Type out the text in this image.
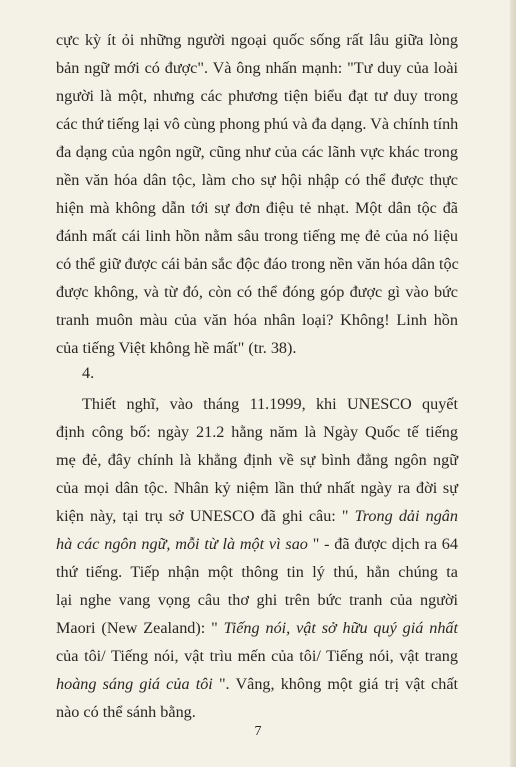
cực kỳ ít ỏi những người ngoại quốc sống rất lâu giữa lòng
bản ngữ mới có được". Và ông nhấn mạnh: "Tư duy của loài
người là một, nhưng các phương tiện biểu đạt tư duy trong
các thứ tiếng lại vô cùng phong phú và đa dạng. Và chính tính
đa dạng của ngôn ngữ, cũng như của các lãnh vực khác trong
nền văn hóa dân tộc, làm cho sự hội nhập có thể được thực
hiện mà không dẫn tới sự đơn điệu tẻ nhạt. Một dân tộc đã
đánh mất cái linh hồn nằm sâu trong tiếng mẹ đẻ của nó liệu
có thể giữ được cái bản sắc độc đáo trong nền văn hóa dân tộc
được không, và từ đó, còn có thể đóng góp được gì vào bức
tranh muôn màu của văn hóa nhân loại? Không! Linh hồn
của tiếng Việt không hề mất" (tr. 38).
4.
Thiết nghĩ, vào tháng 11.1999, khi UNESCO quyết
định công bố: ngày 21.2 hằng năm là Ngày Quốc tế tiếng
mẹ đẻ, đây chính là khẳng định về sự bình đẳng ngôn ngữ
của mọi dân tộc. Nhân kỷ niệm lần thứ nhất ngày ra đời sự
kiện này, tại trụ sở UNESCO đã ghi câu: " Trong dải ngân
hà các ngôn ngữ, mỗi từ là một vì sao " - đã được dịch ra 64
thứ tiếng. Tiếp nhận một thông tin lý thú, hẳn chúng ta
lại nghe vang vọng câu thơ ghi trên bức tranh của người
Maori (New Zealand): " Tiếng nói, vật sở hữu quý giá nhất
của tôi/ Tiếng nói, vật trìu mến của tôi/ Tiếng nói, vật trang
hoàng sáng giá của tôi ". Vâng, không một giá trị vật chất
nào có thể sánh bằng.
7
